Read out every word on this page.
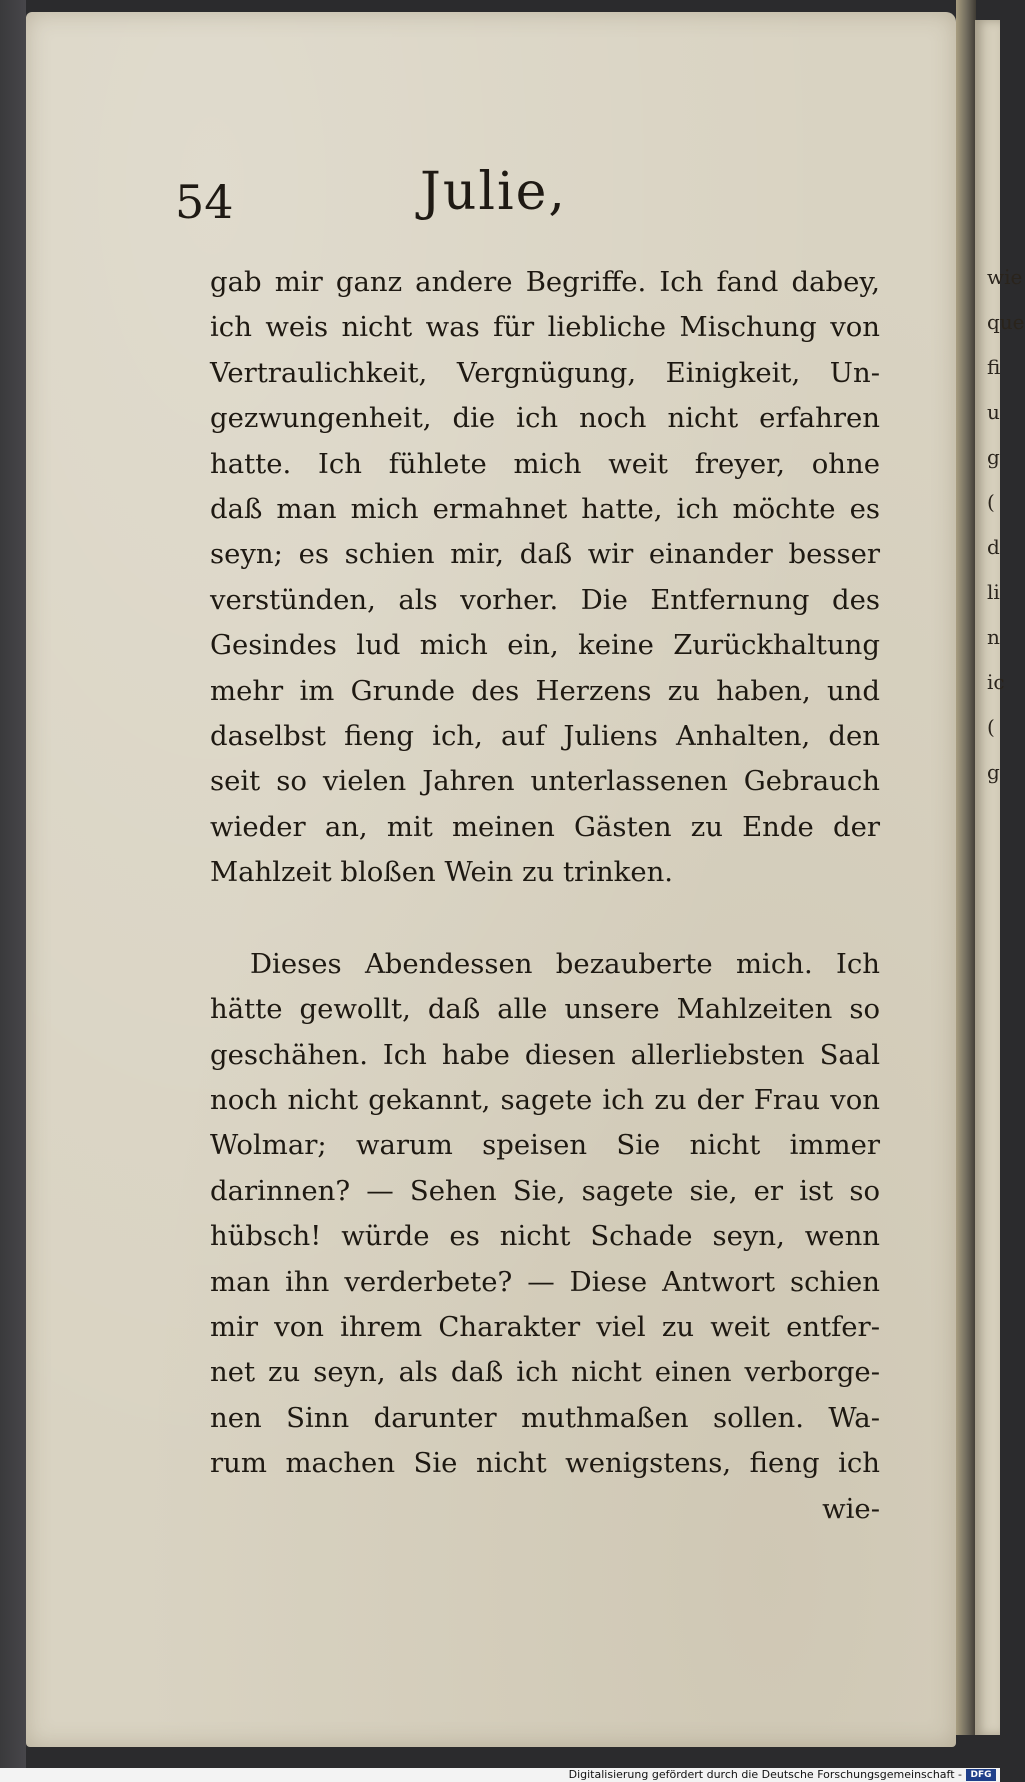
wie
que
fi
u
g
(
d
li
n
ic
(
g
54	Julie,
gab mir ganz andere Begriffe. Ich fand dabey,
ich weis nicht was für liebliche Mischung von
Vertraulichkeit, Vergnügung, Einigkeit, Un-
gezwungenheit, die ich noch nicht erfahren
hatte. Ich fühlete mich weit freyer, ohne
daß man mich ermahnet hatte, ich möchte es
seyn; es schien mir, daß wir einander besser
verstünden, als vorher. Die Entfernung des
Gesindes lud mich ein, keine Zurückhaltung
mehr im Grunde des Herzens zu haben, und
daselbst fieng ich, auf Juliens Anhalten, den
seit so vielen Jahren unterlassenen Gebrauch
wieder an, mit meinen Gästen zu Ende der
Mahlzeit bloßen Wein zu trinken.
Dieses Abendessen bezauberte mich. Ich
hätte gewollt, daß alle unsere Mahlzeiten so
geschähen. Ich habe diesen allerliebsten Saal
noch nicht gekannt, sagete ich zu der Frau von
Wolmar; warum speisen Sie nicht immer
darinnen? — Sehen Sie, sagete sie, er ist so
hübsch! würde es nicht Schade seyn, wenn
man ihn verderbete? — Diese Antwort schien
mir von ihrem Charakter viel zu weit entfer-
net zu seyn, als daß ich nicht einen verborge-
nen Sinn darunter muthmaßen sollen. Wa-
rum machen Sie nicht wenigstens, fieng ich
wie-
Digitalisierung gefördert durch die Deutsche Forschungsgemeinschaft - DFG
